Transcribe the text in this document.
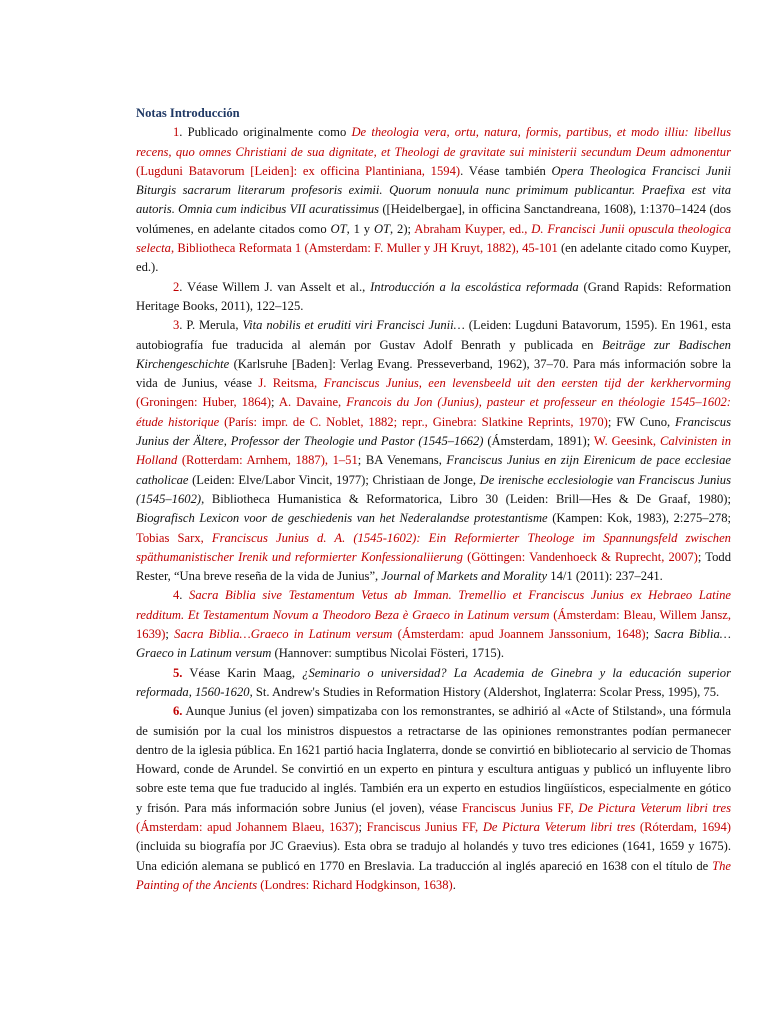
Notas Introducción

1. Publicado originalmente como De theologia vera, ortu, natura, formis, partibus, et modo illiu: libellus recens, quo omnes Christiani de sua dignitate, et Theologi de gravitate sui ministerii secundum Deum admonentur (Lugduni Batavorum [Leiden]: ex officina Plantiniana, 1594). Véase también Opera Theologica Francisci Junii Biturgis sacrarum literarum profesoris eximii. Quorum nonuula nunc primimum publicantur. Praefixa est vita autoris. Omnia cum indicibus VII acuratissimus ([Heidelbergae], in officina Sanctandreana, 1608), 1:1370–1424 (dos volúmenes, en adelante citados como OT, 1 y OT, 2); Abraham Kuyper, ed., D. Francisci Junii opuscula theologica selecta, Bibliotheca Reformata 1 (Amsterdam: F. Muller y JH Kruyt, 1882), 45-101 (en adelante citado como Kuyper, ed.).

2. Véase Willem J. van Asselt et al., Introducción a la escolástica reformada (Grand Rapids: Reformation Heritage Books, 2011), 122–125.

3. P. Merula, Vita nobilis et eruditi viri Francisci Junii… (Leiden: Lugduni Batavorum, 1595). En 1961, esta autobiografía fue traducida al alemán por Gustav Adolf Benrath y publicada en Beiträge zur Badischen Kirchengeschichte (Karlsruhe [Baden]: Verlag Evang. Presseverband, 1962), 37–70. Para más información sobre la vida de Junius, véase J. Reitsma, Franciscus Junius, een levensbeeld uit den eersten tijd der kerkhervorming (Groningen: Huber, 1864); A. Davaine, Francois du Jon (Junius), pasteur et professeur en théologie 1545–1602: étude historique (París: impr. de C. Noblet, 1882; repr., Ginebra: Slatkine Reprints, 1970); FW Cuno, Franciscus Junius der Ältere, Professor der Theologie und Pastor (1545–1662) (Ámsterdam, 1891); W. Geesink, Calvinisten in Holland (Rotterdam: Arnhem, 1887), 1–51; BA Venemans, Franciscus Junius en zijn Eirenicum de pace ecclesiae catholicae (Leiden: Elve/Labor Vincit, 1977); Christiaan de Jonge, De irenische ecclesiologie van Franciscus Junius (1545–1602), Bibliotheca Humanistica & Reformatorica, Libro 30 (Leiden: Brill—Hes & De Graaf, 1980); Biografisch Lexicon voor de geschiedenis van het Nederalandse protestantisme (Kampen: Kok, 1983), 2:275–278; Tobias Sarx, Franciscus Junius d. A. (1545-1602): Ein Reformierter Theologe im Spannungsfeld zwischen späthumanistischer Irenik und reformierter Konfessionaliierung (Göttingen: Vandenhoeck & Ruprecht, 2007); Todd Rester, “Una breve reseña de la vida de Junius”, Journal of Markets and Morality 14/1 (2011): 237–241.

4. Sacra Biblia sive Testamentum Vetus ab Imman. Tremellio et Franciscus Junius ex Hebraeo Latine redditum. Et Testamentum Novum a Theodoro Beza è Graeco in Latinum versum (Ámsterdam: Bleau, Willem Jansz, 1639); Sacra Biblia…Graeco in Latinum versum (Ámsterdam: apud Joannem Janssonium, 1648); Sacra Biblia…Graeco in Latinum versum (Hannover: sumptibus Nicolai Fösteri, 1715).

5. Véase Karin Maag, ¿Seminario o universidad? La Academia de Ginebra y la educación superior reformada, 1560-1620, St. Andrew's Studies in Reformation History (Aldershot, Inglaterra: Scolar Press, 1995), 75.

6. Aunque Junius (el joven) simpatizaba con los remonstrantes, se adhirió al «Acte of Stilstand», una fórmula de sumisión por la cual los ministros dispuestos a retractarse de las opiniones remonstrantes podían permanecer dentro de la iglesia pública. En 1621 partió hacia Inglaterra, donde se convirtió en bibliotecario al servicio de Thomas Howard, conde de Arundel. Se convirtió en un experto en pintura y escultura antiguas y publicó un influyente libro sobre este tema que fue traducido al inglés. También era un experto en estudios lingüísticos, especialmente en gótico y frisón. Para más información sobre Junius (el joven), véase Franciscus Junius FF, De Pictura Veterum libri tres (Ámsterdam: apud Johannem Blaeu, 1637); Franciscus Junius FF, De Pictura Veterum libri tres (Róterdam, 1694) (incluida su biografía por JC Graevius). Esta obra se tradujo al holandés y tuvo tres ediciones (1641, 1659 y 1675). Una edición alemana se publicó en 1770 en Breslavia. La traducción al inglés apareció en 1638 con el título de The Painting of the Ancients (Londres: Richard Hodgkinson, 1638).
